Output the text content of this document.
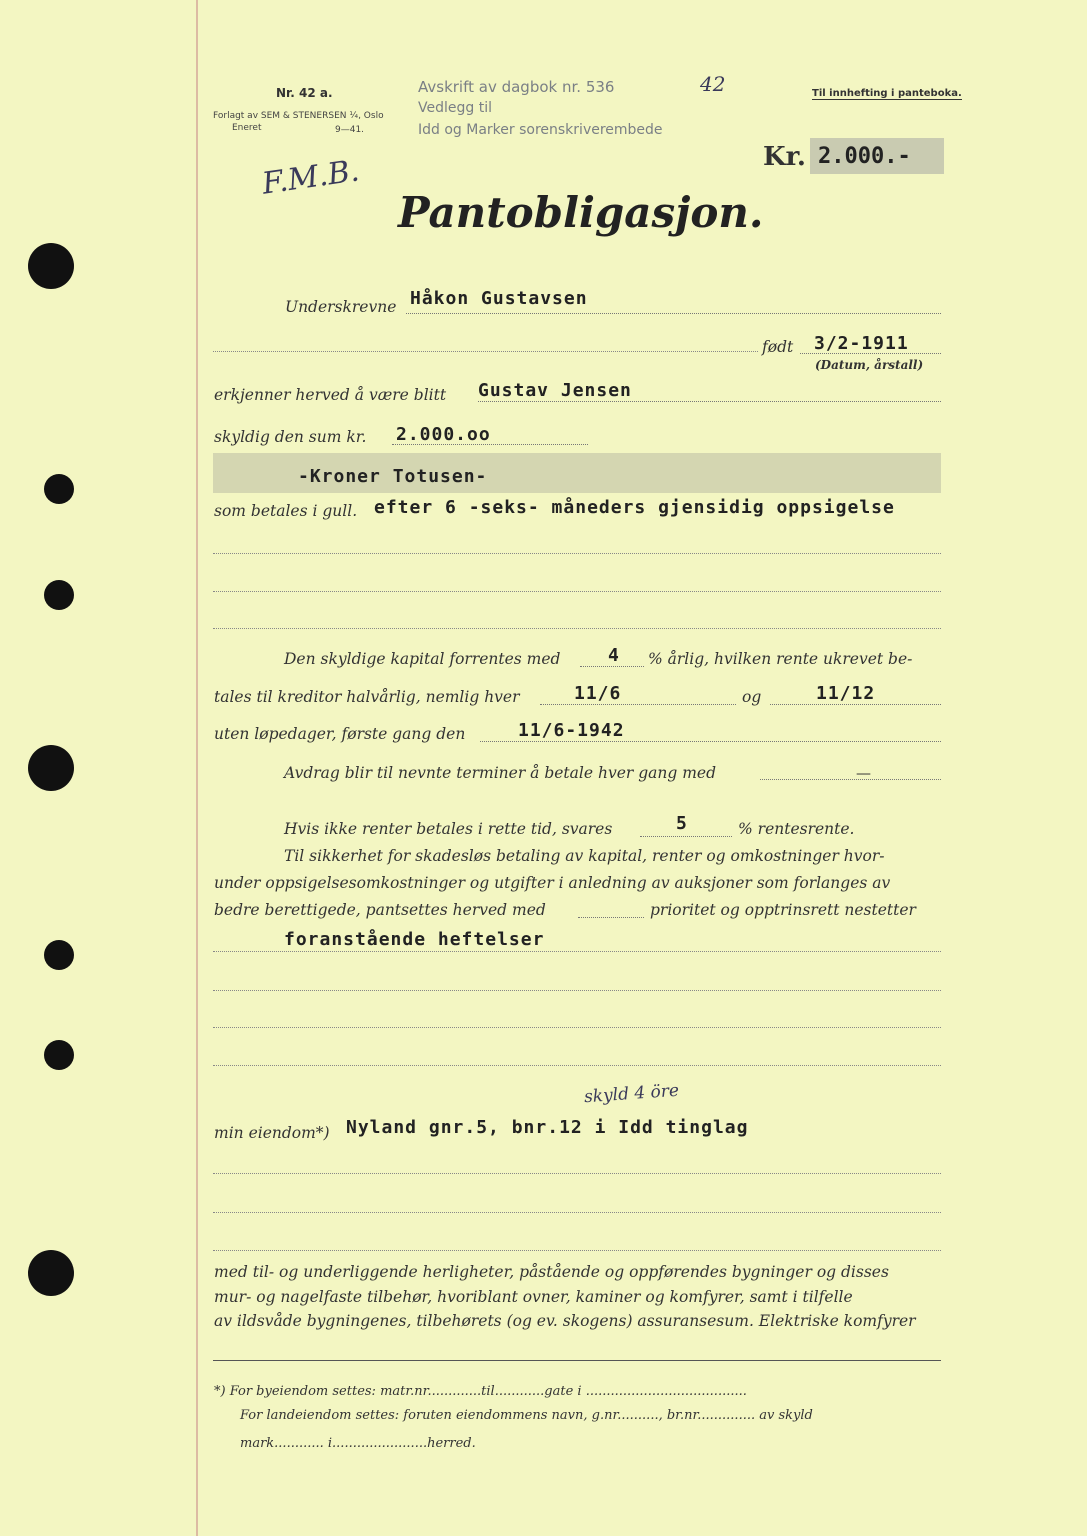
Nr. 42 a.
Forlagt av SEM & STENERSEN ¼, Oslo
Eneret	9—41.
Avskrift av dagbok nr. 536	42
Vedlegg til
Idd og Marker sorenskriverembede
Til innhefting i panteboka.
Kr. 2.000.-
F.M.B.
Pantobligasjon.
Underskrevne Håkon Gustavsen
født 3/2-1911
(Datum, årstall)
erkjenner herved å være blitt Gustav Jensen
skyldig den sum kr. 2.000.oo
-Kroner Totusen-
som betales i gull. efter 6 -seks- måneders gjensidig oppsigelse
Den skyldige kapital forrentes med	4 % årlig, hvilken rente ukrevet be-
tales til kreditor halvårlig, nemlig hver	11/6	og	11/12
uten løpedager, første gang den	11/6-1942
Avdrag blir til nevnte terminer å betale hver gang med	—
Hvis ikke renter betales i rette tid, svares	5	% rentesrente.
Til sikkerhet for skadesløs betaling av kapital, renter og omkostninger hvor-
under oppsigelsesomkostninger og utgifter i anledning av auksjoner som forlanges av
bedre berettigede, pantsettes herved med	prioritet og opptrinsrett nestetter
foranstående heftelser
skyld 4 öre
min eiendom*) Nyland gnr.5, bnr.12 i Idd tinglag
med til- og underliggende herligheter, påstående og oppførendes bygninger og disses
mur- og nagelfaste tilbehør, hvoriblant ovner, kaminer og komfyrer, samt i tilfelle
av ildsvåde bygningenes, tilbehørets (og ev. skogens) assuransesum. Elektriske komfyrer
*) For byeiendom settes: matr.nr.............til............gate i .......................................
For landeiendom settes: foruten eiendommens navn, g.nr.........., br.nr.............. av skyld
mark............ i.......................herred.
